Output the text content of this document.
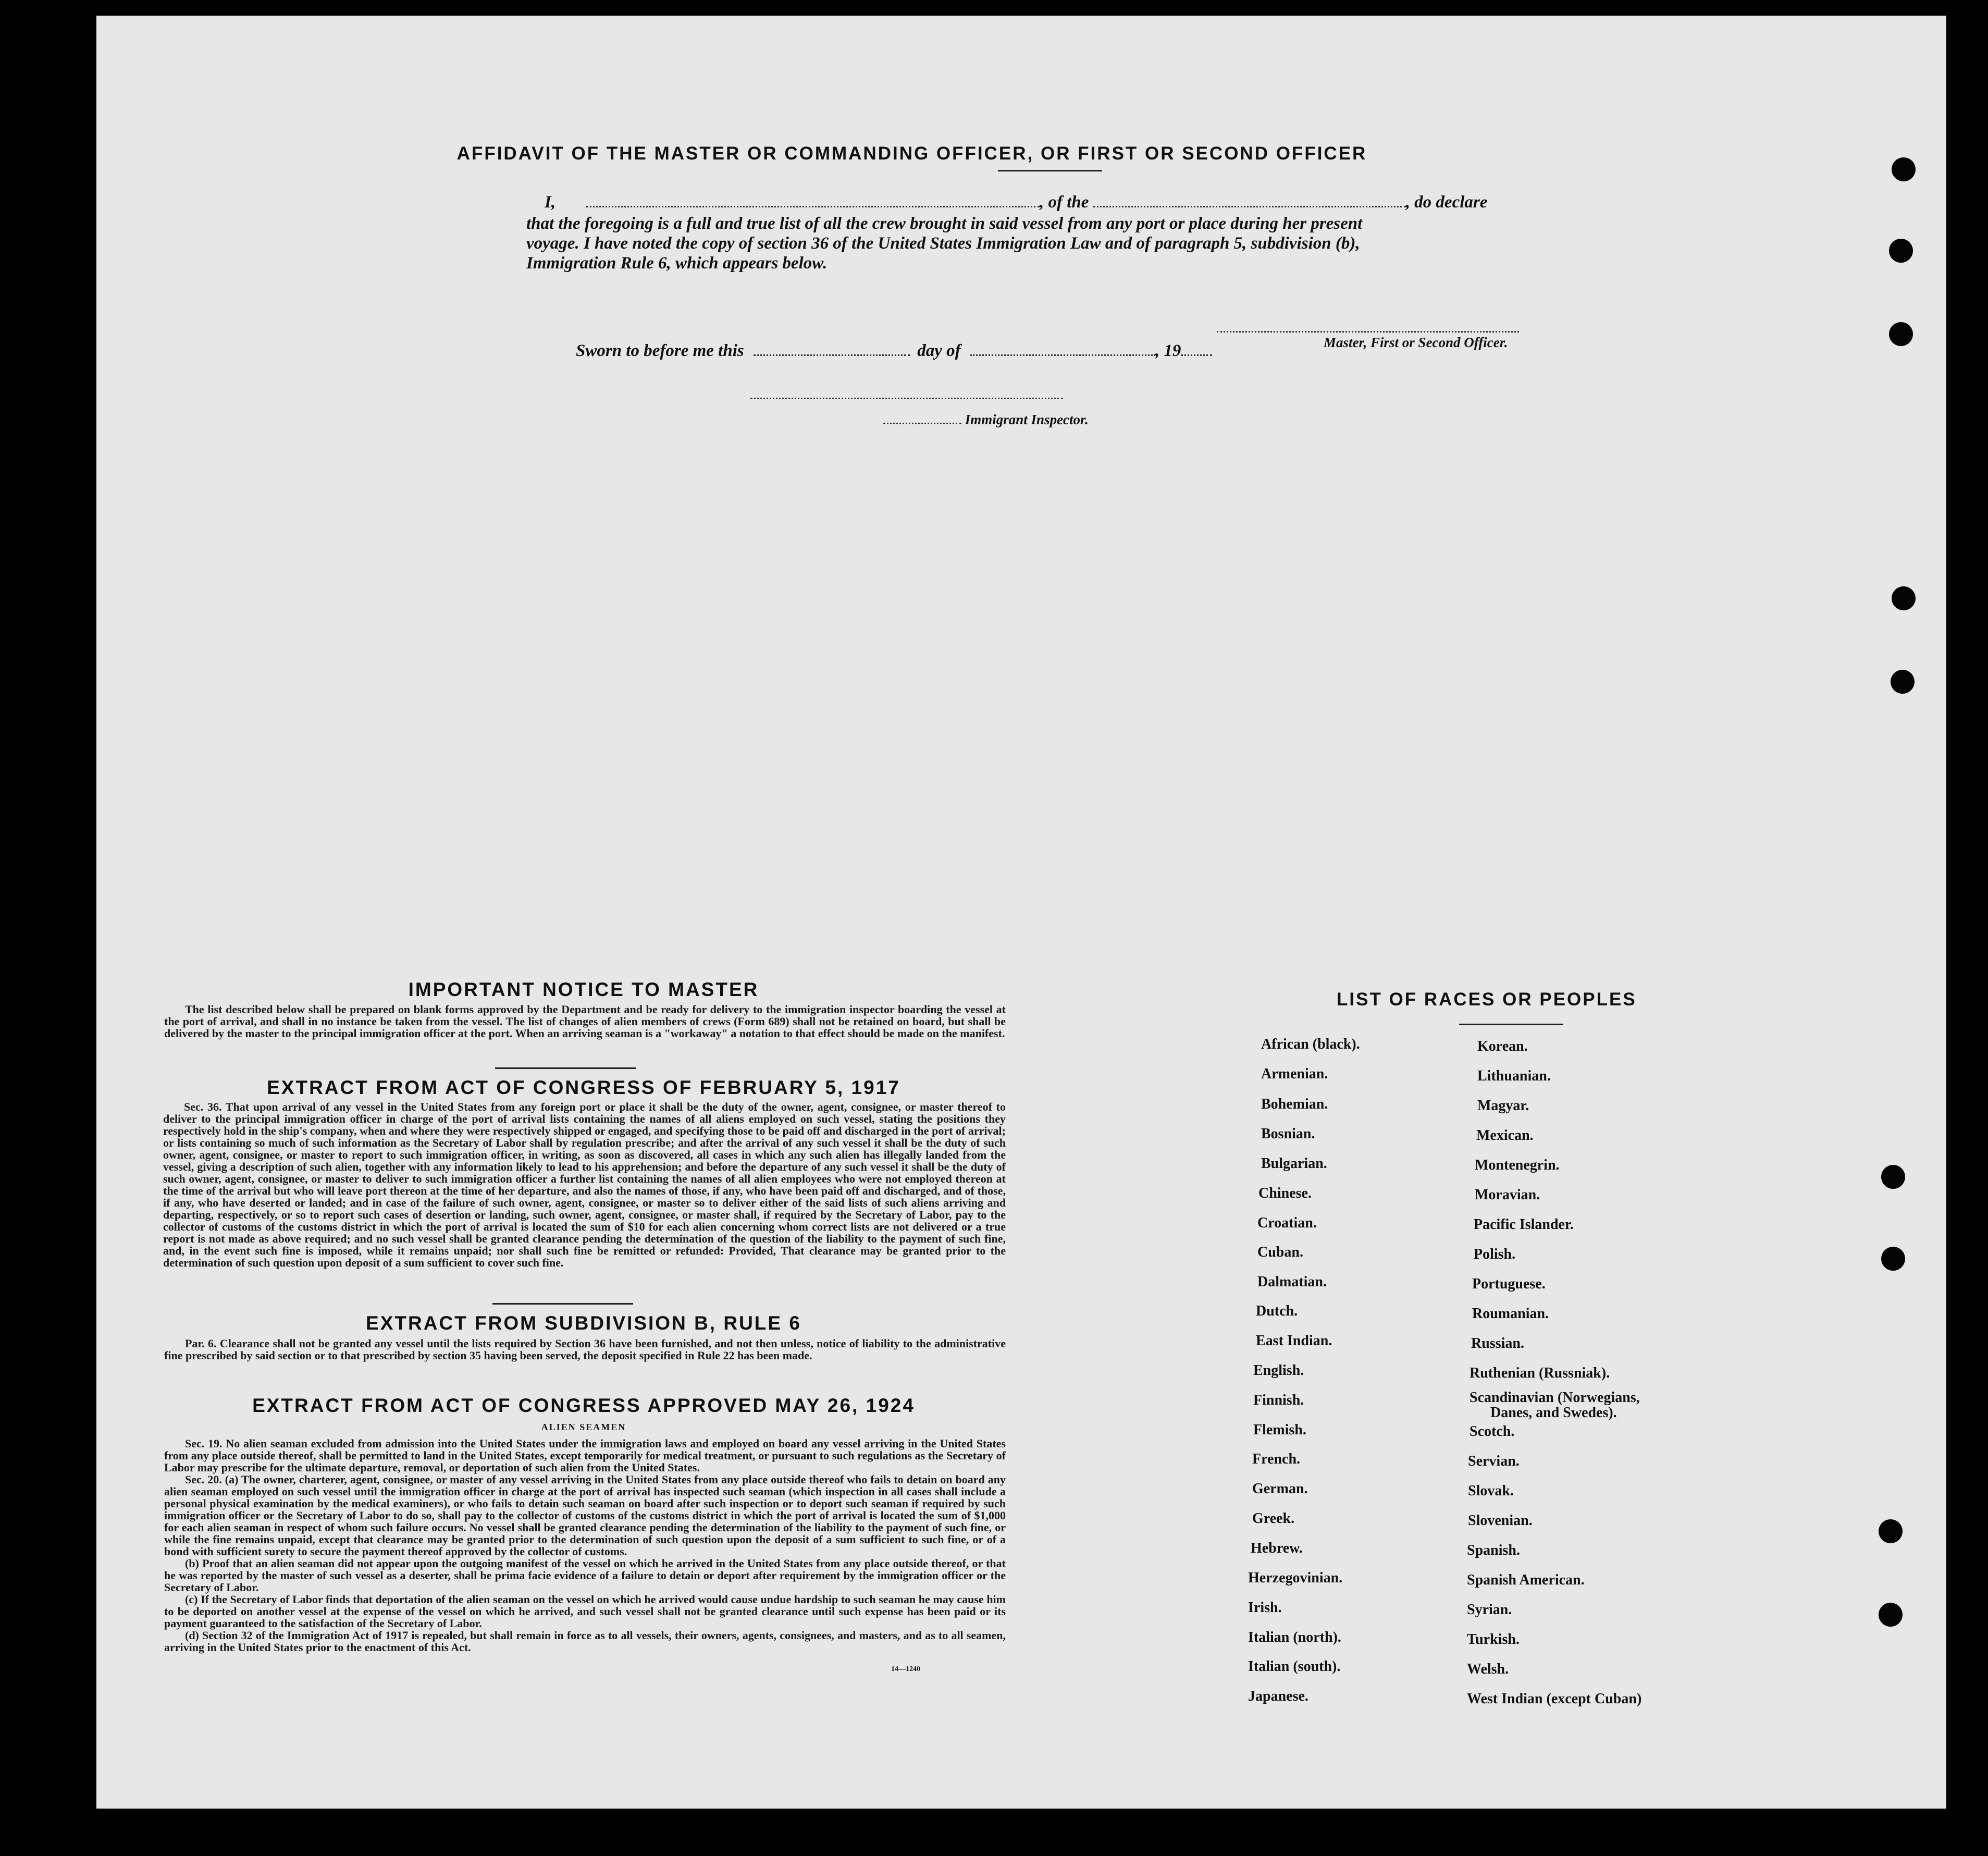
AFFIDAVIT OF THE MASTER OR COMMANDING OFFICER, OR FIRST OR SECOND OFFICER
I,	, of the	, do declare
that the foregoing is a full and true list of all the crew brought in said vessel from any port or place during her present
voyage. I have noted the copy of section 36 of the United States Immigration Law and of paragraph 5, subdivision (b),
Immigration Rule 6, which appears below.
Master, First or Second Officer.
Sworn to before me this	day of	, 19
Immigrant Inspector.
IMPORTANT NOTICE TO MASTER

The list described below shall be prepared on blank forms approved by the Department and be ready for delivery to the immigration inspector boarding the vessel at the port of arrival, and shall in no instance be taken from the vessel. The list of changes of alien members of crews (Form 689) shall not be retained on board, but shall be delivered by the master to the principal immigration officer at the port. When an arriving seaman is a "workaway" a notation to that effect should be made on the manifest.

EXTRACT FROM ACT OF CONGRESS OF FEBRUARY 5, 1917

Sec. 36. That upon arrival of any vessel in the United States from any foreign port or place it shall be the duty of the owner, agent, consignee, or master thereof to deliver to the principal immigration officer in charge of the port of arrival lists containing the names of all aliens employed on such vessel, stating the positions they respectively hold in the ship's company, when and where they were respectively shipped or engaged, and specifying those to be paid off and discharged in the port of arrival; or lists containing so much of such information as the Secretary of Labor shall by regulation prescribe; and after the arrival of any such vessel it shall be the duty of such owner, agent, consignee, or master to report to such immigration officer, in writing, as soon as discovered, all cases in which any such alien has illegally landed from the vessel, giving a description of such alien, together with any information likely to lead to his apprehension; and before the departure of any such vessel it shall be the duty of such owner, agent, consignee, or master to deliver to such immigration officer a further list containing the names of all alien employees who were not employed thereon at the time of the arrival but who will leave port thereon at the time of her departure, and also the names of those, if any, who have been paid off and discharged, and of those, if any, who have deserted or landed; and in case of the failure of such owner, agent, consignee, or master so to deliver either of the said lists of such aliens arriving and departing, respectively, or so to report such cases of desertion or landing, such owner, agent, consignee, or master shall, if required by the Secretary of Labor, pay to the collector of customs of the customs district in which the port of arrival is located the sum of $10 for each alien concerning whom correct lists are not delivered or a true report is not made as above required; and no such vessel shall be granted clearance pending the determination of the question of the liability to the payment of such fine, and, in the event such fine is imposed, while it remains unpaid; nor shall such fine be remitted or refunded: Provided, That clearance may be granted prior to the determination of such question upon deposit of a sum sufficient to cover such fine.

EXTRACT FROM SUBDIVISION B, RULE 6

Par. 6. Clearance shall not be granted any vessel until the lists required by Section 36 have been furnished, and not then unless, notice of liability to the administrative fine prescribed by said section or to that prescribed by section 35 having been served, the deposit specified in Rule 22 has been made.

EXTRACT FROM ACT OF CONGRESS APPROVED MAY 26, 1924
ALIEN SEAMEN

Sec. 19. No alien seaman excluded from admission into the United States under the immigration laws and employed on board any vessel arriving in the United States from any place outside thereof, shall be permitted to land in the United States, except temporarily for medical treatment, or pursuant to such regulations as the Secretary of Labor may prescribe for the ultimate departure, removal, or deportation of such alien from the United States.

Sec. 20. (a) The owner, charterer, agent, consignee, or master of any vessel arriving in the United States from any place outside thereof who fails to detain on board any alien seaman employed on such vessel until the immigration officer in charge at the port of arrival has inspected such seaman (which inspection in all cases shall include a personal physical examination by the medical examiners), or who fails to detain such seaman on board after such inspection or to deport such seaman if required by such immigration officer or the Secretary of Labor to do so, shall pay to the collector of customs of the customs district in which the port of arrival is located the sum of $1,000 for each alien seaman in respect of whom such failure occurs. No vessel shall be granted clearance pending the determination of the liability to the payment of such fine, or while the fine remains unpaid, except that clearance may be granted prior to the determination of such question upon the deposit of a sum sufficient to such fine, or of a bond with sufficient surety to secure the payment thereof approved by the collector of customs.

(b) Proof that an alien seaman did not appear upon the outgoing manifest of the vessel on which he arrived in the United States from any place outside thereof, or that he was reported by the master of such vessel as a deserter, shall be prima facie evidence of a failure to detain or deport after requirement by the immigration officer or the Secretary of Labor.

(c) If the Secretary of Labor finds that deportation of the alien seaman on the vessel on which he arrived would cause undue hardship to such seaman he may cause him to be deported on another vessel at the expense of the vessel on which he arrived, and such vessel shall not be granted clearance until such expense has been paid or its payment guaranteed to the satisfaction of the Secretary of Labor.

(d) Section 32 of the Immigration Act of 1917 is repealed, but shall remain in force as to all vessels, their owners, agents, consignees, and masters, and as to all seamen, arriving in the United States prior to the enactment of this Act.

14—1240
LIST OF RACES OR PEOPLES
African (black).
Armenian.
Bohemian.
Bosnian.
Bulgarian.
Chinese.
Croatian.
Cuban.
Dalmatian.
Dutch.
East Indian.
English.
Finnish.
Flemish.
French.
German.
Greek.
Hebrew.
Herzegovinian.
Irish.
Italian (north).
Italian (south).
Japanese.
Korean.
Lithuanian.
Magyar.
Mexican.
Montenegrin.
Moravian.
Pacific Islander.
Polish.
Portuguese.
Roumanian.
Russian.
Ruthenian (Russniak).
Scandinavian (Norwegians,
Danes, and Swedes).
Scotch.
Servian.
Slovak.
Slovenian.
Spanish.
Spanish American.
Syrian.
Turkish.
Welsh.
West Indian (except Cuban)
